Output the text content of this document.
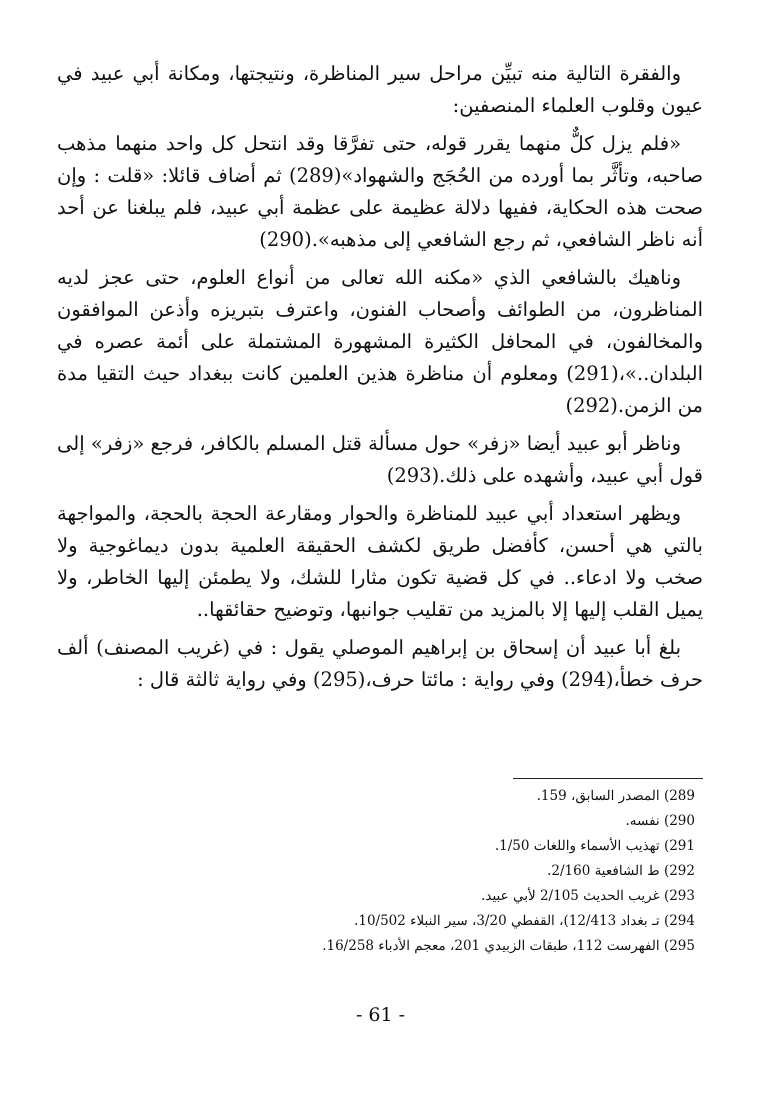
والفقرة التالية منه تبيِّن مراحل سير المناظرة، ونتيجتها، ومكانة أبي عبيد في عيون وقلوب العلماء المنصفين:

«فلم يزل كلٌّ منهما يقرر قوله، حتى تفرَّقا وقد انتحل كل واحد منهما مذهب صاحبه، وتأثَّر بما أورده من الحُجَج والشهواد»(289) ثم أضاف قائلا: «قلت : وإن صحت هذه الحكاية، ففيها دلالة عظيمة على عظمة أبي عبيد، فلم يبلغنا عن أحد أنه ناظر الشافعي، ثم رجع الشافعي إلى مذهبه».(290)

وناهيك بالشافعي الذي «مكنه الله تعالى من أنواع العلوم، حتى عجز لديه المناظرون، من الطوائف وأصحاب الفنون، واعترف بتبريزه وأذعن الموافقون والمخالفون، في المحافل الكثيرة المشهورة المشتملة على أئمة عصره في البلدان..»،(291) ومعلوم أن مناظرة هذين العلمين كانت ببغداد حيث التقيا مدة من الزمن.(292)

وناظر أبو عبيد أيضا «زفر» حول مسألة قتل المسلم بالكافر، فرجع «زفر» إلى قول أبي عبيد، وأشهده على ذلك.(293)

ويظهر استعداد أبي عبيد للمناظرة والحوار ومقارعة الحجة بالحجة، والمواجهة بالتي هي أحسن، كأفضل طريق لكشف الحقيقة العلمية بدون ديماغوجية ولا صخب ولا ادعاء.. في كل قضية تكون مثارا للشك، ولا يطمئن إليها الخاطر، ولا يميل القلب إليها إلا بالمزيد من تقليب جوانبها، وتوضيح حقائقها..

بلغ أبا عبيد أن إسحاق بن إبراهيم الموصلي يقول : في (غريب المصنف) ألف حرف خطأ،(294) وفي رواية : مائتا حرف،(295) وفي رواية ثالثة قال :

289) المصدر السابق، 159.
290) نفسه.
291) تهذيب الأسماء واللغات 1/50.
292) ط الشافعية 2/160.
293) غريب الحديث 2/105 لأبي عبيد.
294) تـ بغداد 12/413)، القفطي 3/20، سير النبلاء 10/502.
295) الفهرست 112، طبقات الزبيدي 201، معجم الأدباء 16/258.
- 61 -
